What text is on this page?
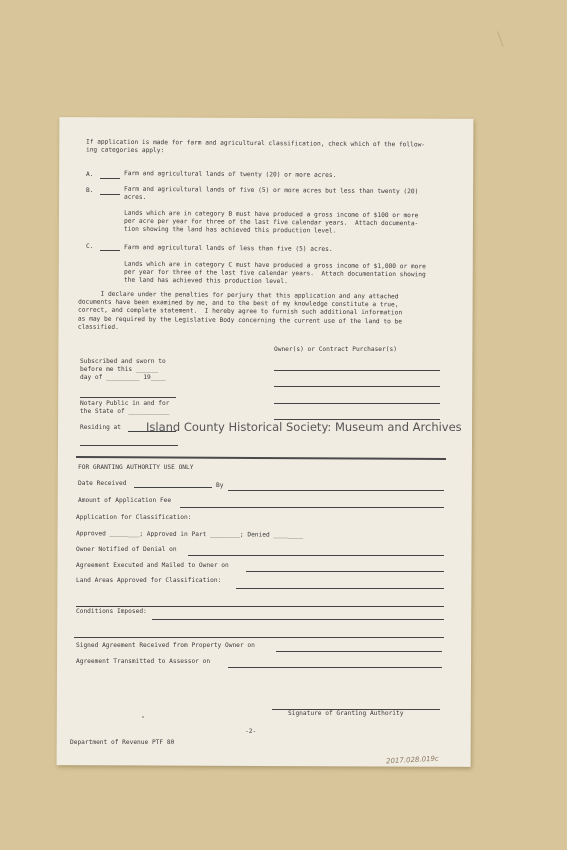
If application is made for farm and agricultural classification, check which of the follow-
ing categories apply:
A.	Farm and agricultural lands of twenty (20) or more acres.
B.	Farm and agricultural lands of five (5) or more acres but less than twenty (20)
acres.
Lands which are in category B must have produced a gross income of $100 or more
per acre per year for three of the last five calendar years.  Attach documenta-
tion showing the land has achieved this production level.
C.	Farm and agricultural lands of less than five (5) acres.
Lands which are in category C must have produced a gross income of $1,000 or more
per year for three of the last five calendar years.  Attach documentation showing
the land has achieved this production level.
I declare under the penalties for perjury that this application and any attached
documents have been examined by me, and to the best of my knowledge constitute a true,
correct, and complete statement.  I hereby agree to furnish such additional information
as may be required by the Legislative Body concerning the current use of the land to be
classified.
Owner(s) or Contract Purchaser(s)
Subscribed and sworn to
before me this ______
day of _________ 19____
Notary Public in and for
the State of ___________
Residing at Island County Historical Society: Museum and Archives
FOR GRANTING AUTHORITY USE ONLY
Date Received	By
Amount of Application Fee
Application for Classification:
Approved ________; Approved in Part ________; Denied ________
Owner Notified of Denial on
Agreement Executed and Mailed to Owner on
Land Areas Approved for Classification:
Conditions Imposed:
Signed Agreement Received from Property Owner on
Agreement Transmitted to Assessor on
Signature of Granting Authority
-2-
Department of Revenue PTF 80
2017.028.019c
